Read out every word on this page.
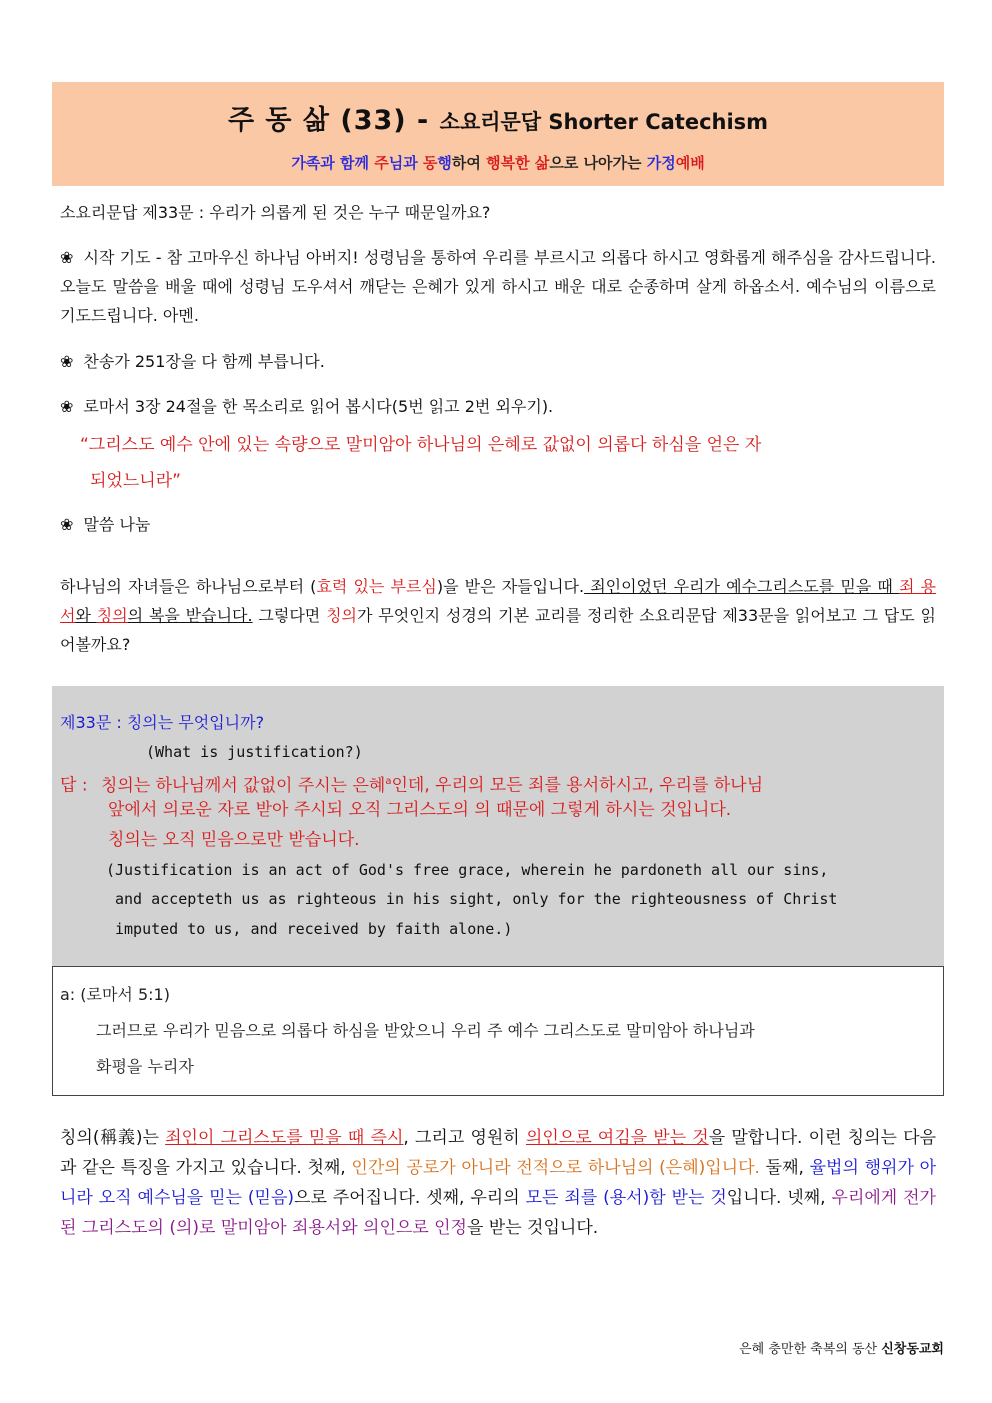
주 동 삶 (33) - 소요리문답 Shorter Catechism
가족과 함께 주님과 동행하여 행복한 삶으로 나아가는 가정예배
소요리문답 제33문 : 우리가 의롭게 된 것은 누구 때문일까요?
❀ 시작 기도 - 참 고마우신 하나님 아버지! 성령님을 통하여 우리를 부르시고 의롭다 하시고 영화롭게 해주심을 감사드립니다. 오늘도 말씀을 배울 때에 성령님 도우셔서 깨닫는 은혜가 있게 하시고 배운 대로 순종하며 살게 하옵소서. 예수님의 이름으로 기도드립니다. 아멘.
❀ 찬송가 251장을 다 함께 부릅니다.
❀ 로마서 3장 24절을 한 목소리로 읽어 봅시다(5번 읽고 2번 외우기).
“그리스도 예수 안에 있는 속량으로 말미암아 하나님의 은혜로 값없이 의롭다 하심을 얻은 자
되었느니라”
❀ 말씀 나눔
하나님의 자녀들은 하나님으로부터 (효력 있는 부르심)을 받은 자들입니다. 죄인이었던 우리가 예수그리스도를 믿을 때 죄 용서와 칭의의 복을 받습니다. 그렇다면 칭의가 무엇인지 성경의 기본 교리를 정리한 소요리문답 제33문을 읽어보고 그 답도 읽어볼까요?
제33문 : 칭의는 무엇입니까?
(What is justification?)
답 : 칭의는 하나님께서 값없이 주시는 은혜$^a$인데, 우리의 모든 죄를 용서하시고, 우리를 하나님
앞에서 의로운 자로 받아 주시되 오직 그리스도의 의 때문에 그렇게 하시는 것입니다.
칭의는 오직 믿음으로만 받습니다.
(Justification is an act of God's free grace, wherein he pardoneth all our sins,
and accepteth us as righteous in his sight, only for the righteousness of Christ
imputed to us, and received by faith alone.)
a: (로마서 5:1)
그러므로 우리가 믿음으로 의롭다 하심을 받았으니 우리 주 예수 그리스도로 말미암아 하나님과
화평을 누리자
칭의(稱義)는 죄인이 그리스도를 믿을 때 즉시, 그리고 영원히 의인으로 여김을 받는 것을 말합니다. 이런 칭의는 다음과 같은 특징을 가지고 있습니다. 첫째, 인간의 공로가 아니라 전적으로 하나님의 (은혜)입니다. 둘째, 율법의 행위가 아니라 오직 예수님을 믿는 (믿음)으로 주어집니다. 셋째, 우리의 모든 죄를 (용서)함 받는 것입니다. 넷째, 우리에게 전가된 그리스도의 (의)로 말미암아 죄용서와 의인으로 인정을 받는 것입니다.
은혜 충만한 축복의 동산 신창동교회
